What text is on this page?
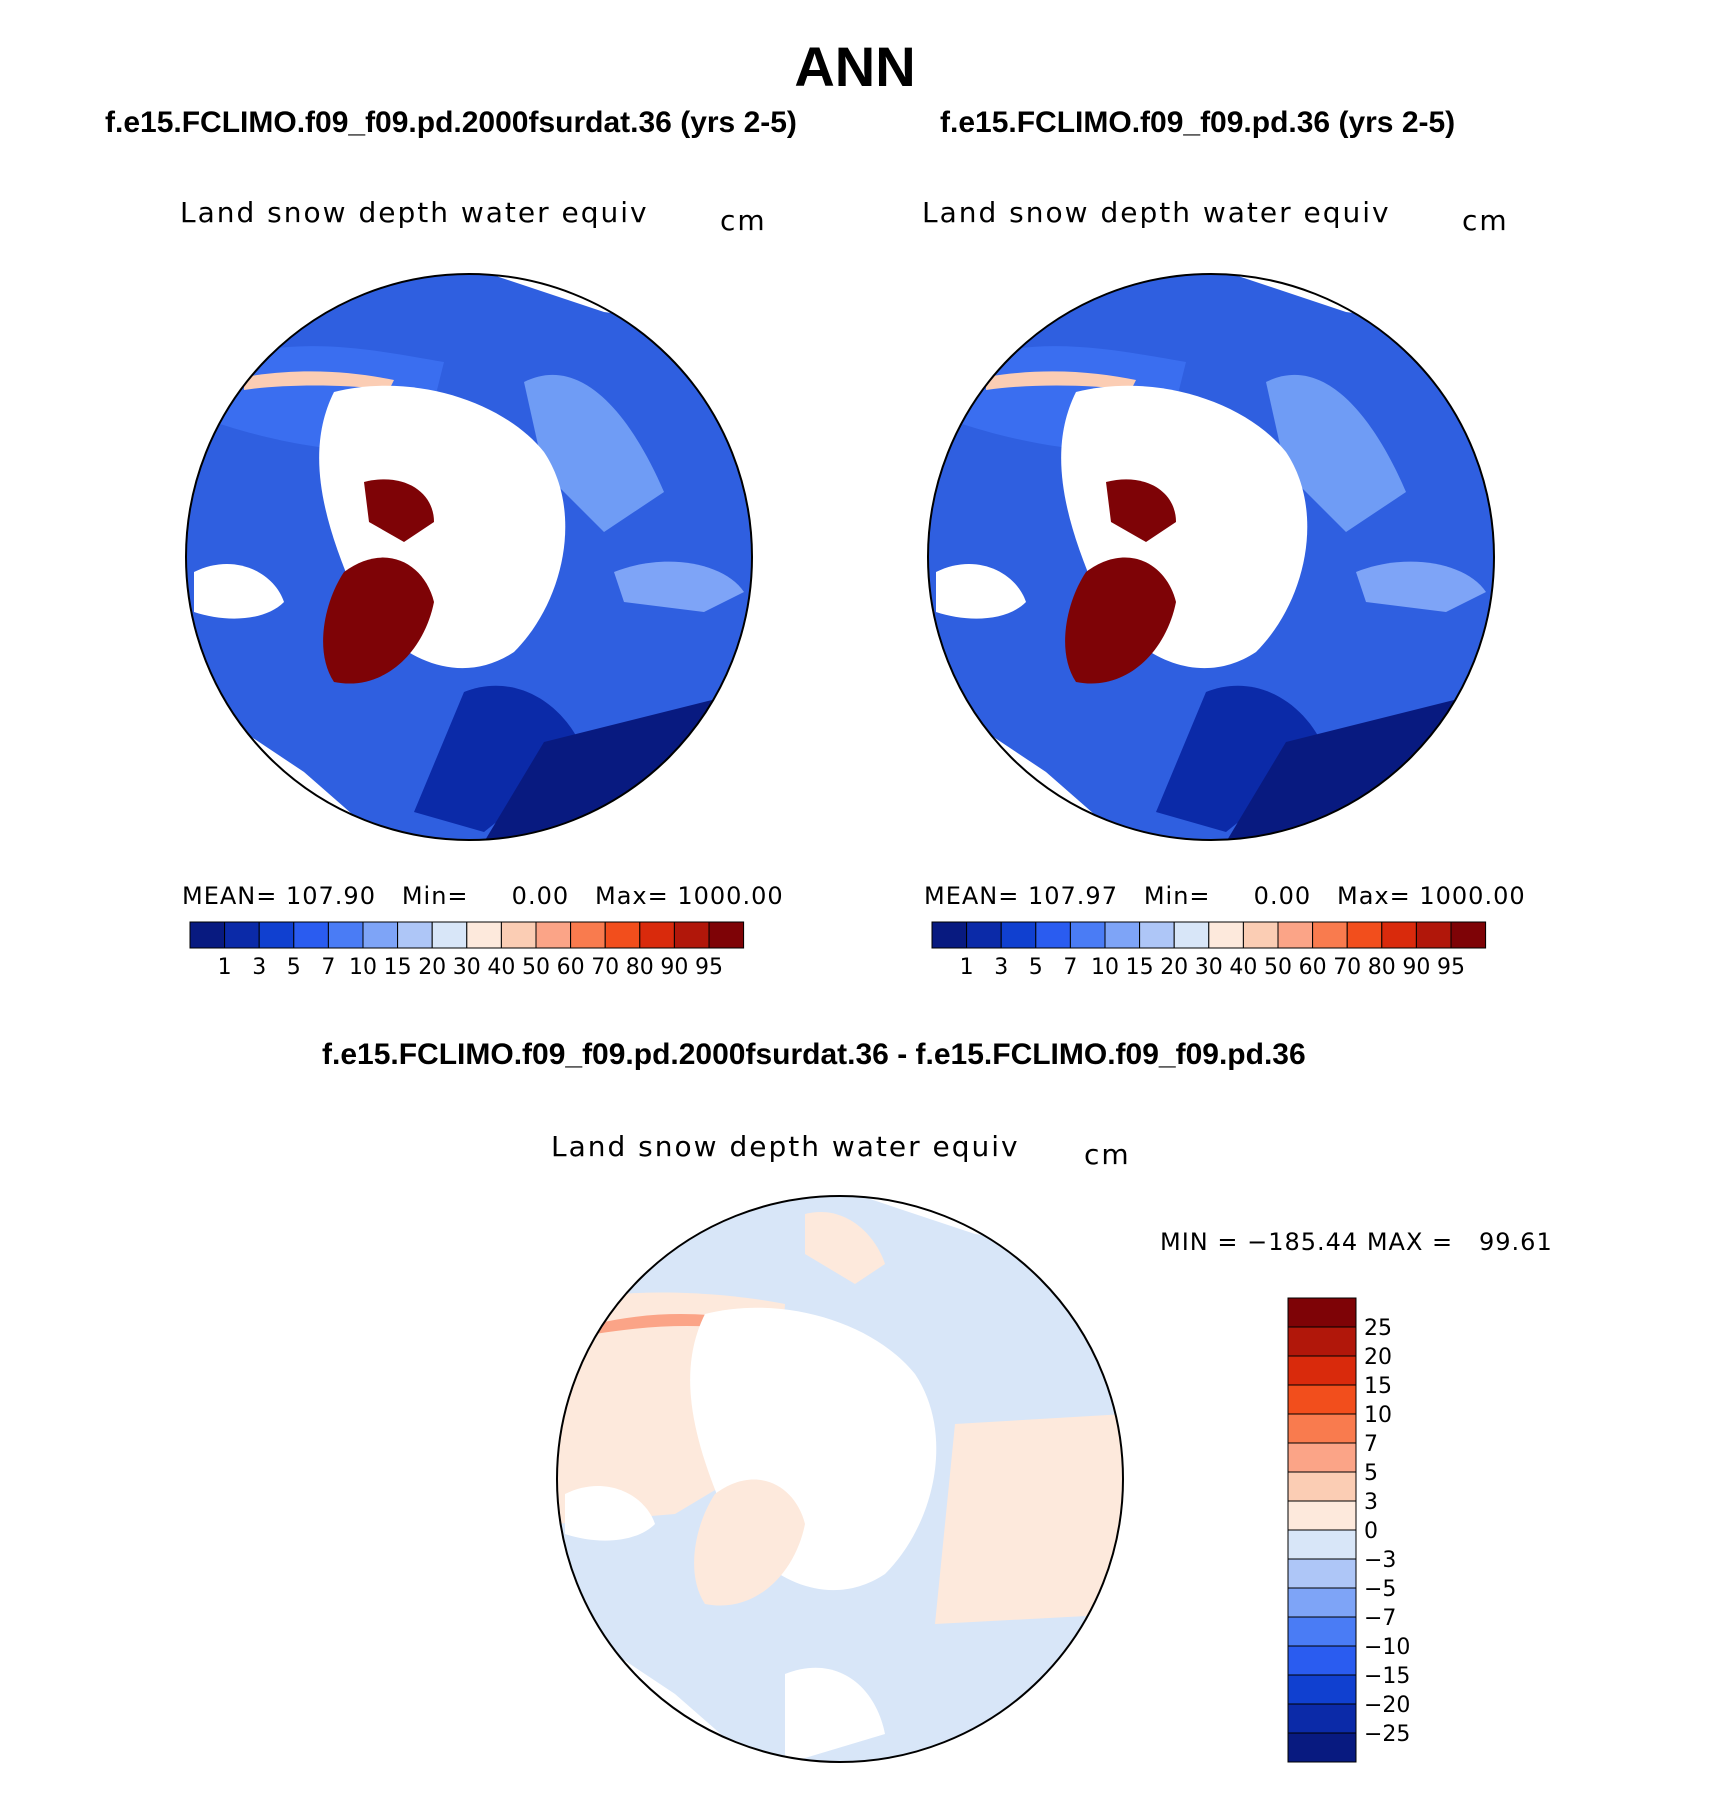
ANN
f.e15.FCLIMO.f09_f09.pd.2000fsurdat.36 (yrs 2-5)
Land snow depth water equiv	cm
MEAN= 107.90   Min=     0.00   Max= 1000.00
1 3 5 7 10 15 20 30 40 50 60 70 80 90 95
f.e15.FCLIMO.f09_f09.pd.36 (yrs 2-5)
Land snow depth water equiv	cm
MEAN= 107.97   Min=     0.00   Max= 1000.00
1 3 5 7 10 15 20 30 40 50 60 70 80 90 95
f.e15.FCLIMO.f09_f09.pd.2000fsurdat.36 - f.e15.FCLIMO.f09_f09.pd.36
Land snow depth water equiv cm
MIN = −185.44 MAX =   99.61
25
20
15
10
7
5
3
0
−3
−5
−7
−10
−15
−20
−25
